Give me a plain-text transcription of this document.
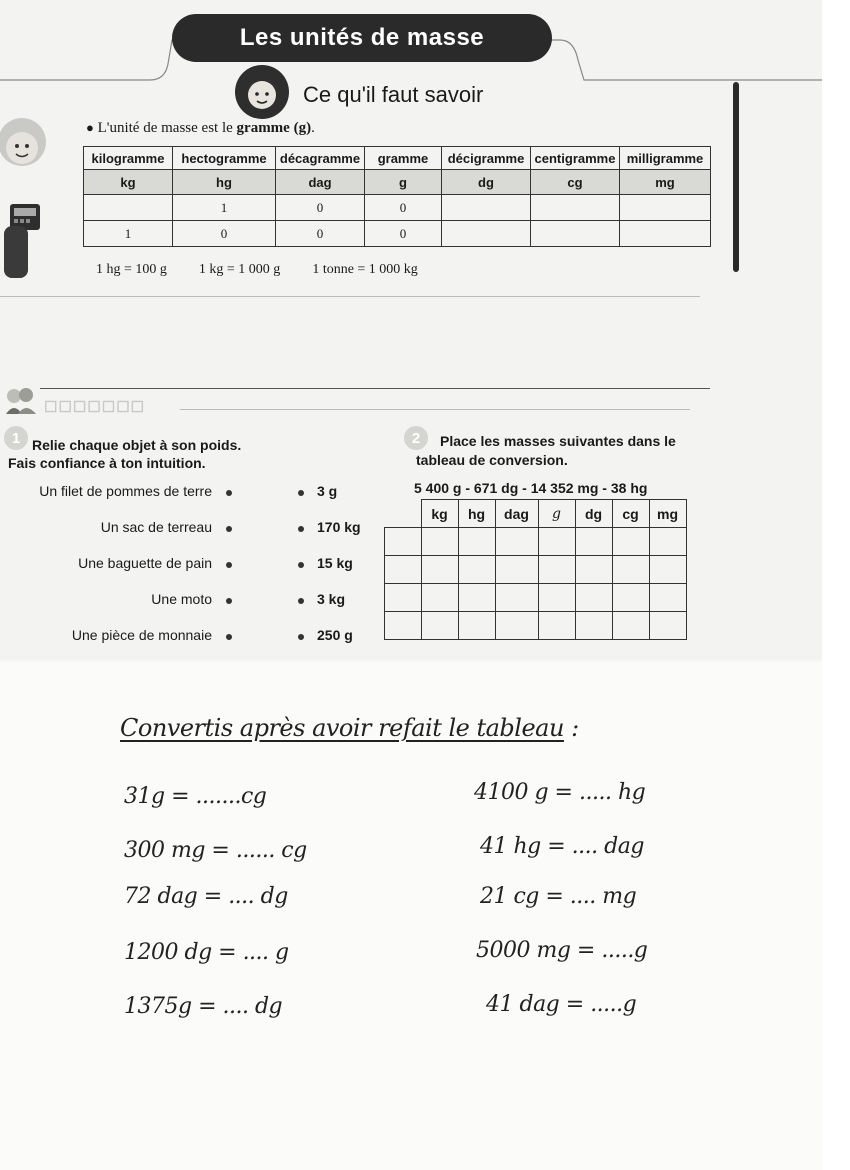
Les unités de masse
Ce qu'il faut savoir
● L'unité de masse est le gramme (g).
kilogramme	hectogramme	décagramme	gramme	décigramme	centigramme	milligramme
kg	hg	dag	g	dg	cg	mg
	1	0	0			
1	0	0	0			
1 hg = 100 g 1 kg = 1 000 g 1 tonne = 1 000 kg
☐☐☐☐☐☐☐
1 Relie chaque objet à son poids.
Fais confiance à ton intuition.
Un filet de pommes de terre
Un sac de terreau
Une baguette de pain
Une moto
Une pièce de monnaie
3 g
170 kg
15 kg
3 kg
250 g
2	Place les masses suivantes dans le
tableau de conversion.
5 400 g - 671 dg - 14 352 mg - 38 hg
	kg	hg	dag	g	dg	cg	mg

Convertis après avoir refait le tableau :
31g = .......cg
300 mg = ...... cg
72 dag = .... dg
1200 dg = .... g
1375g = .... dg
4100 g = ..... hg
41 hg = .... dag
21 cg = .... mg
5000 mg = .....g
41 dag = .....g
